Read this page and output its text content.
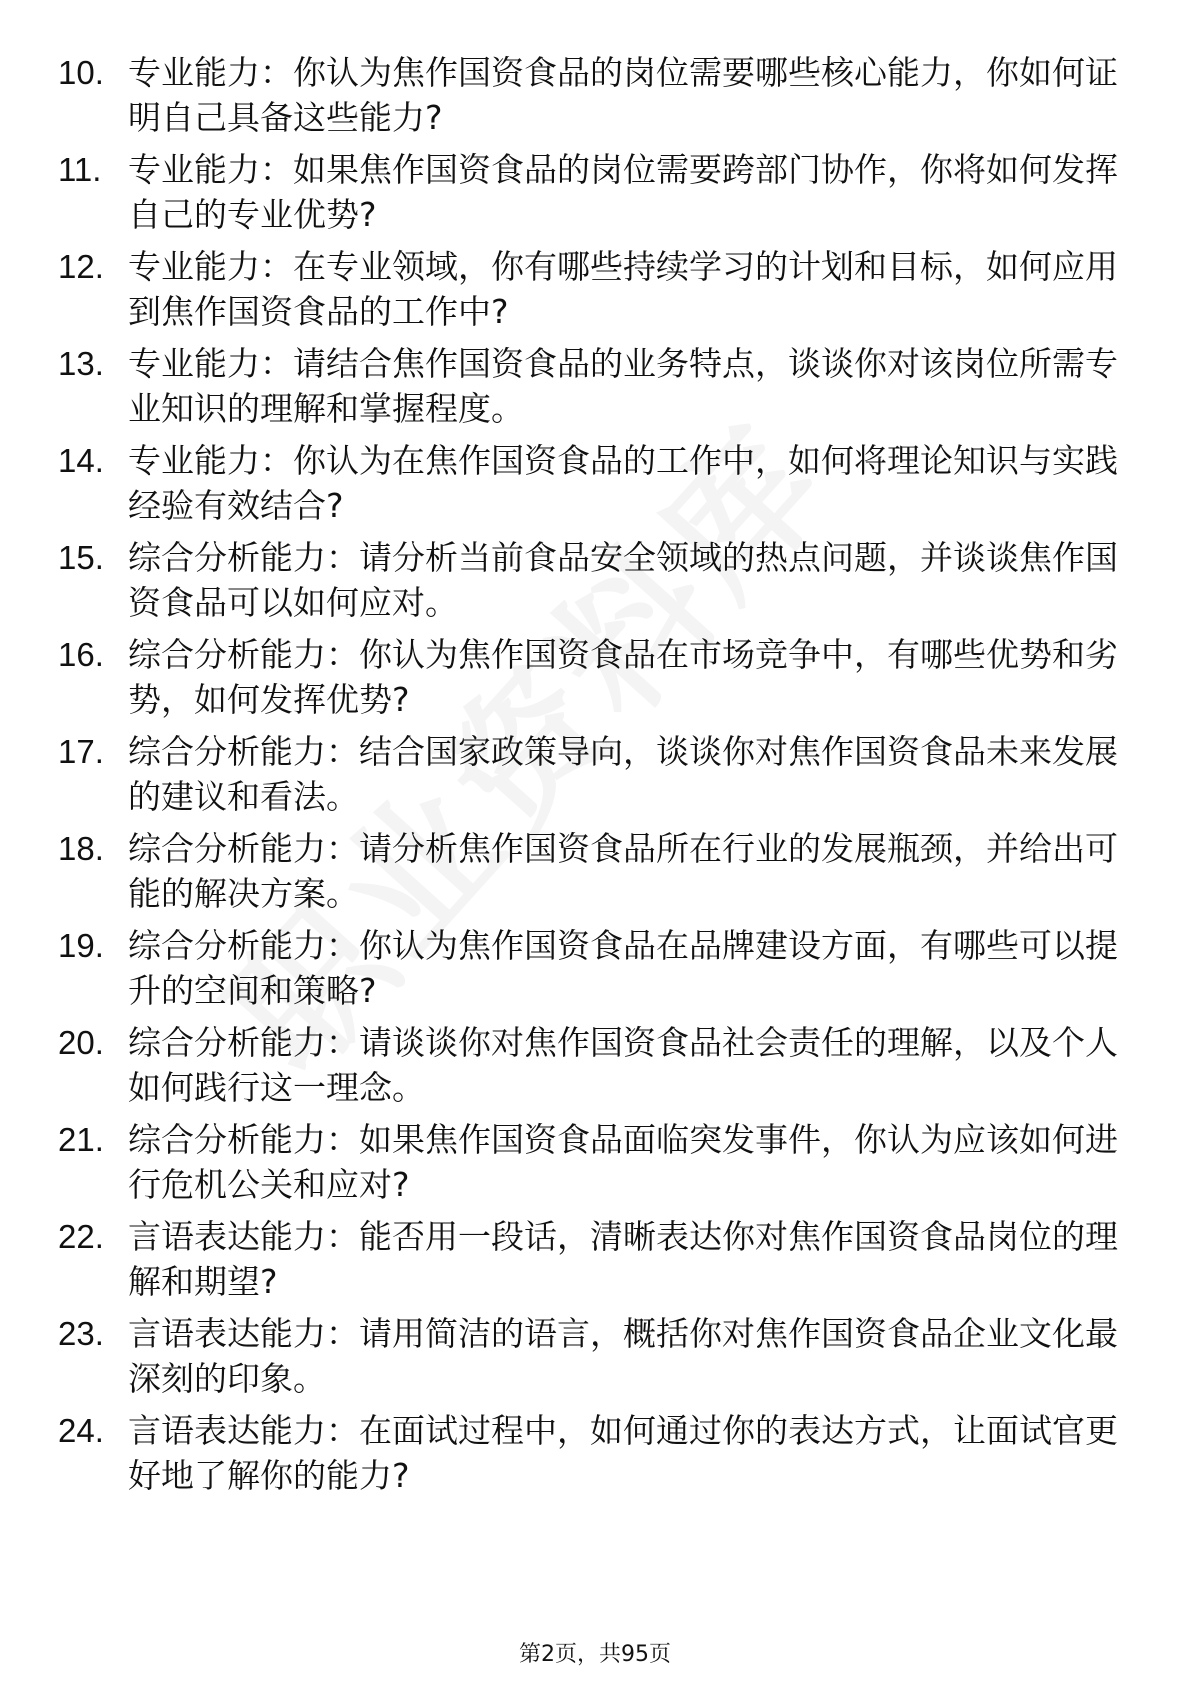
10. 专业能力：你认为焦作国资食品的岗位需要哪些核心能力，你如何证明自己具备这些能力?
11. 专业能力：如果焦作国资食品的岗位需要跨部门协作，你将如何发挥自己的专业优势?
12. 专业能力：在专业领域，你有哪些持续学习的计划和目标，如何应用到焦作国资食品的工作中?
13. 专业能力：请结合焦作国资食品的业务特点，谈谈你对该岗位所需专业知识的理解和掌握程度。
14. 专业能力：你认为在焦作国资食品的工作中，如何将理论知识与实践经验有效结合?
15. 综合分析能力：请分析当前食品安全领域的热点问题，并谈谈焦作国资食品可以如何应对。
16. 综合分析能力：你认为焦作国资食品在市场竞争中，有哪些优势和劣势，如何发挥优势?
17. 综合分析能力：结合国家政策导向，谈谈你对焦作国资食品未来发展的建议和看法。
18. 综合分析能力：请分析焦作国资食品所在行业的发展瓶颈，并给出可能的解决方案。
19. 综合分析能力：你认为焦作国资食品在品牌建设方面，有哪些可以提升的空间和策略?
20. 综合分析能力：请谈谈你对焦作国资食品社会责任的理解，以及个人如何践行这一理念。
21. 综合分析能力：如果焦作国资食品面临突发事件，你认为应该如何进行危机公关和应对?
22. 言语表达能力：能否用一段话，清晰表达你对焦作国资食品岗位的理解和期望?
23. 言语表达能力：请用简洁的语言，概括你对焦作国资食品企业文化最深刻的印象。
24. 言语表达能力：在面试过程中，如何通过你的表达方式，让面试官更好地了解你的能力?
第2页，共95页
